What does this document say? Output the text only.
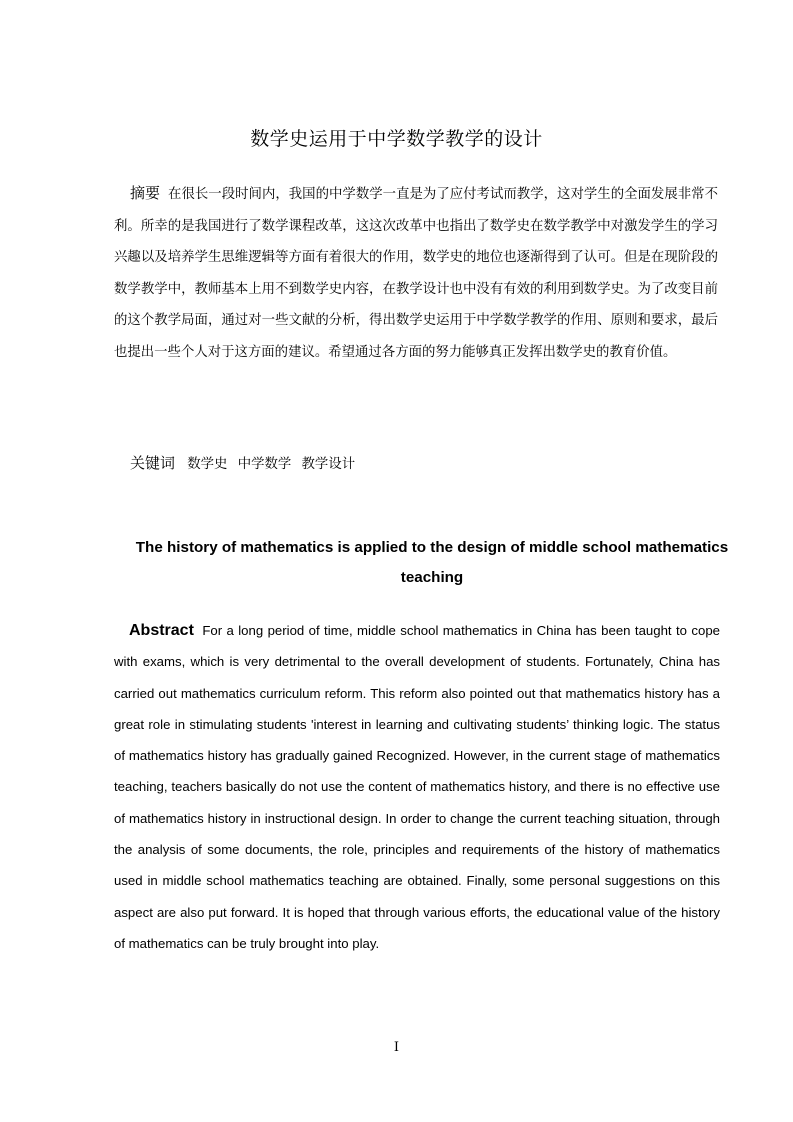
数学史运用于中学数学教学的设计
摘要 在很长一段时间内，我国的中学数学一直是为了应付考试而教学，这对学生的全面发展非常不利。所幸的是我国进行了数学课程改革，这这次改革中也指出了数学史在数学教学中对激发学生的学习兴趣以及培养学生思维逻辑等方面有着很大的作用，数学史的地位也逐渐得到了认可。但是在现阶段的数学教学中，教师基本上用不到数学史内容，在教学设计也中没有有效的利用到数学史。为了改变目前的这个教学局面，通过对一些文献的分析，得出数学史运用于中学数学教学的作用、原则和要求，最后也提出一些个人对于这方面的建议。希望通过各方面的努力能够真正发挥出数学史的教育价值。
关键词 数学史 中学数学 教学设计
The history of mathematics is applied to the design of middle school mathematics teaching
Abstract For a long period of time, middle school mathematics in China has been taught to cope with exams, which is very detrimental to the overall development of students. Fortunately, China has carried out mathematics curriculum reform. This reform also pointed out that mathematics history has a great role in stimulating students 'interest in learning and cultivating students’ thinking logic. The status of mathematics history has gradually gained Recognized. However, in the current stage of mathematics teaching, teachers basically do not use the content of mathematics history, and there is no effective use of mathematics history in instructional design. In order to change the current teaching situation, through the analysis of some documents, the role, principles and requirements of the history of mathematics used in middle school mathematics teaching are obtained. Finally, some personal suggestions on this aspect are also put forward. It is hoped that through various efforts, the educational value of the history of mathematics can be truly brought into play.
I
